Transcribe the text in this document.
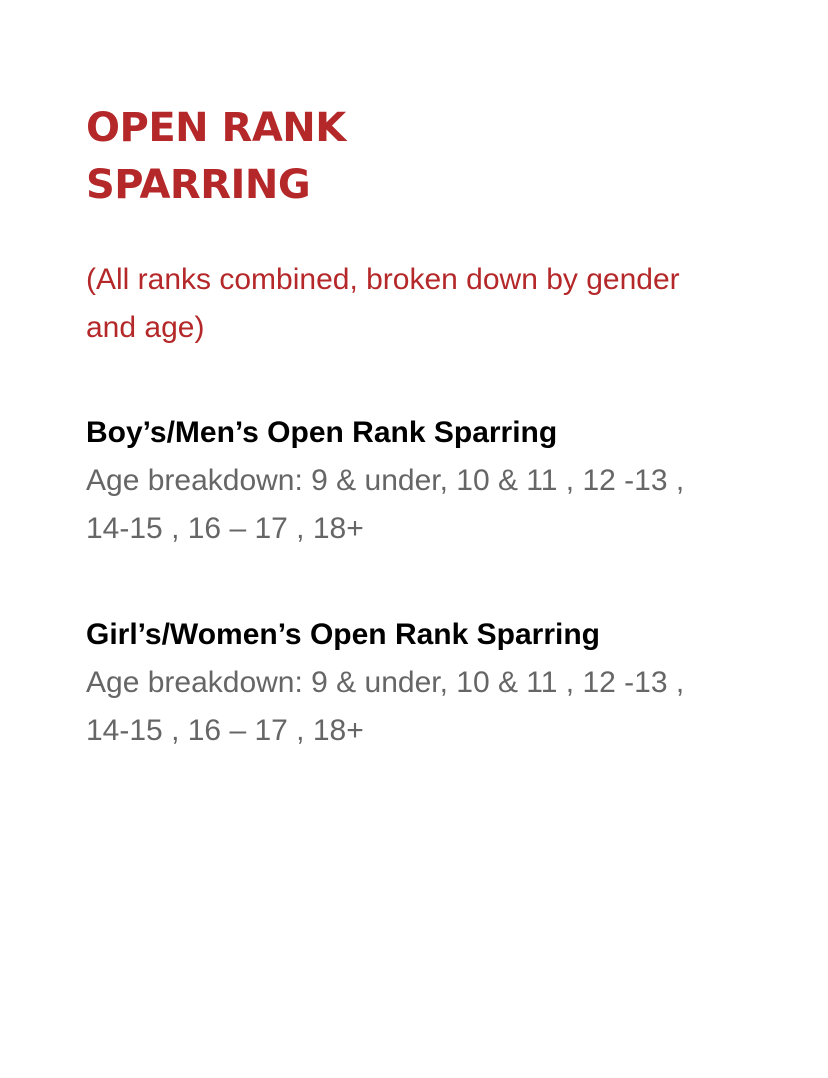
OPEN RANK
SPARRING

(All ranks combined, broken down by gender and age)

Boy’s/Men’s Open Rank Sparring

Age breakdown: 9 & under, 10 & 11 , 12 -13 ,
14-15 , 16 – 17 , 18+

Girl’s/Women’s Open Rank Sparring

Age breakdown: 9 & under, 10 & 11 , 12 -13 ,
14-15 , 16 – 17 , 18+
